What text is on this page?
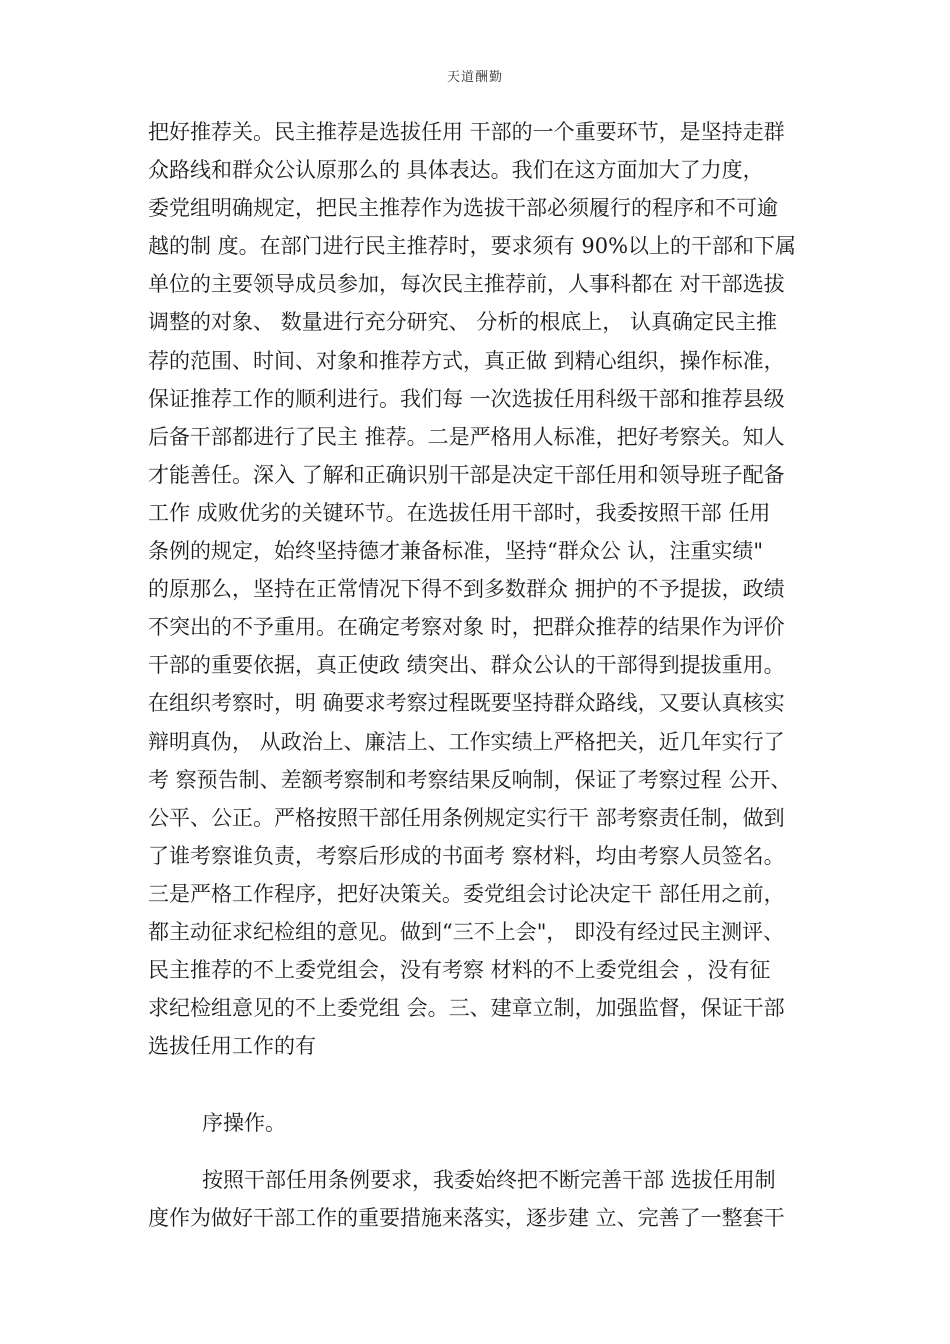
天道酬勤
把好推荐关。民主推荐是选拔任用 干部的一个重要环节，是坚持走群
众路线和群众公认原那么的 具体表达。我们在这方面加大了力度，
委党组明确规定，把民主推荐作为选拔干部必须履行的程序和不可逾
越的制 度。在部门进行民主推荐时，要求须有 90%以上的干部和下属
单位的主要领导成员参加，每次民主推荐前，人事科都在 对干部选拔
调整的对象、 数量进行充分研究、 分析的根底上， 认真确定民主推
荐的范围、时间、对象和推荐方式，真正做 到精心组织，操作标准，
保证推荐工作的顺利进行。我们每 一次选拔任用科级干部和推荐县级
后备干部都进行了民主 推荐。二是严格用人标准，把好考察关。知人
才能善任。深入 了解和正确识别干部是决定干部任用和领导班子配备
工作 成败优劣的关键环节。在选拔任用干部时，我委按照干部 任用
条例的规定，始终坚持德才兼备标准，坚持“群众公 认，注重实绩"
的原那么，坚持在正常情况下得不到多数群众 拥护的不予提拔，政绩
不突出的不予重用。在确定考察对象 时，把群众推荐的结果作为评价
干部的重要依据，真正使政 绩突出、群众公认的干部得到提拔重用。
在组织考察时，明 确要求考察过程既要坚持群众路线，又要认真核实
辩明真伪， 从政治上、廉洁上、工作实绩上严格把关，近几年实行了
考 察预告制、差额考察制和考察结果反响制，保证了考察过程 公开、
公平、公正。严格按照干部任用条例规定实行干 部考察责任制，做到
了谁考察谁负责，考察后形成的书面考 察材料，均由考察人员签名。
三是严格工作程序，把好决策关。委党组会讨论决定干 部任用之前，
都主动征求纪检组的意见。做到“三不上会"， 即没有经过民主测评、
民主推荐的不上委党组会，没有考察 材料的不上委党组会 ，没有征
求纪检组意见的不上委党组 会。三、建章立制，加强监督，保证干部
选拔任用工作的有
序操作。
按照干部任用条例要求，我委始终把不断完善干部 选拔任用制
度作为做好干部工作的重要措施来落实，逐步建 立、完善了一整套干
